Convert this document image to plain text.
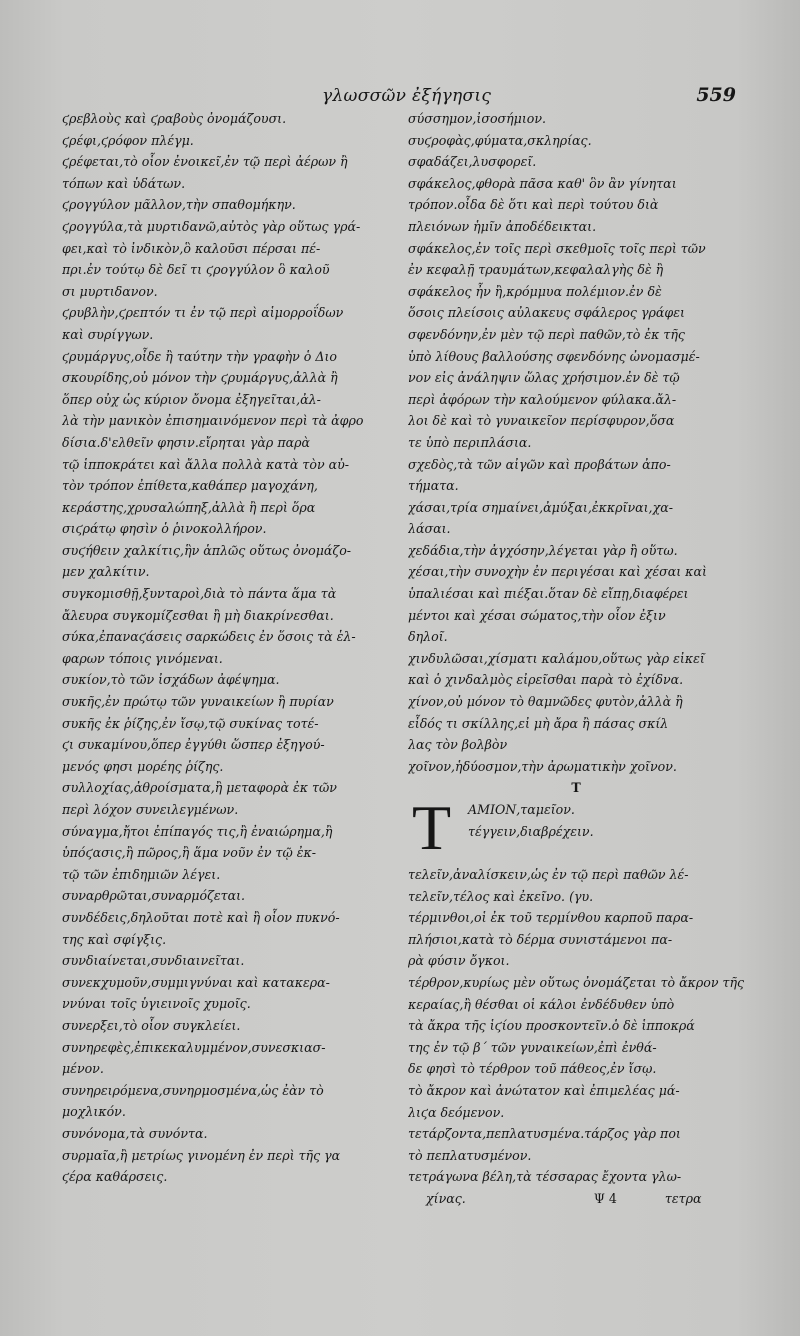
γλωσσῶν ἐξήγησις	559
ϛρεβλοὺς καὶ ϛραβοὺς ὀνομάζουσι.
ϛρέφι,ϛρόφον πλέγμ.
ϛρέφεται,τὸ οἷον ἐνοικεῖ,ἐν τῷ περὶ ἀέρων ἢ
τόπων καὶ ὑδάτων.
ϛρογγύλον μᾶλλον,τὴν σπαθομήκην.
ϛρογγύλα,τὰ μυρτιδανῶ,αὐτὸς γὰρ οὕτως γρά-
φει,καὶ τὸ ἰνδικὸν,ὃ καλοῦσι πέρσαι πέ-
πρι.ἐν τούτῳ δὲ δεῖ τι ϛρογγύλον ὃ καλοῦ
σι μυρτιδανον.
ϛρυβλὴν,ϛρεπτόν τι ἐν τῷ περὶ αἱμορροΐδων
καὶ συρίγγων.
ϛρυμάργυς,οἶδε ἢ ταύτην τὴν γραφὴν ὁ Διο
σκουρίδης,οὐ μόνον τὴν ϛρυμάργυς,ἀλλὰ ἢ
ὅπερ οὐχ ὡς κύριον ὄνομα ἐξηγεῖται,ἀλ-
λὰ τὴν μανικὸν ἐπισημαινόμενον περὶ τὰ ἀφρο
δίσια.δ'ελθεῖν φησιν.εἴρηται γὰρ παρὰ
τῷ ἱπποκράτει καὶ ἄλλα πολλὰ κατὰ τὸν αὐ-
τὸν τρόπον ἐπίθετα,καθάπερ μαγοχάνη,
κεράστης,χρυσαλώπηξ,ἀλλὰ ἢ περὶ ὅρα
σιϛράτῳ φησὶν ὁ ῥινοκολλήρον.
συϛήθειν χαλκίτις,ἣν ἁπλῶς οὕτως ὀνομάζο-
μεν χαλκίτιν.
συγκομισθῇ,ξυνταροὶ,διὰ τὸ πάντα ἅμα τὰ
ἄλευρα συγκομίζεσθαι ἢ μὴ διακρίνεσθαι.
σύκα,ἐπαναϛάσεις σαρκώδεις ἐν ὅσοις τὰ ἑλ-
φαρων τόποις γινόμεναι.
συκίον,τὸ τῶν ἰσχάδων ἀφέψημα.
συκῆς,ἐν πρώτῳ τῶν γυναικείων ἢ πυρίαν
συκῆς ἐκ ῥίζης,ἐν ἴσῳ,τῷ συκίνας τοτέ-
ϛι συκαμίνου,ὅπερ ἐγγύθι ὥσπερ ἐξηγού-
μενός φησι μορέης ῥίζης.
συλλοχίας,ἀθροίσματα,ἢ μεταφορὰ ἐκ τῶν
περὶ λόχον συνειλεγμένων.
σύναγμα,ἤτοι ἐπίπαγός τις,ἢ ἐναιώρημα,ἢ
ὑπόϛασις,ἢ πῶρος,ἢ ἅμα νοῦν ἐν τῷ ἐκ-
τῷ τῶν ἐπιδημιῶν λέγει.
συναρθρῶται,συναρμόζεται.
συνδέδεις,δηλοῦται ποτὲ καὶ ἢ οἷον πυκνό-
της καὶ σφίγξις.
συνδιαίνεται,συνδιαινεῖται.
συνεκχυμοῦν,συμμιγνύναι καὶ κατακερα-
ννύναι τοῖς ὑγιεινοῖς χυμοῖς.
συνερξει,τὸ οἷον συγκλείει.
συνηρεφὲς,ἐπικεκαλυμμένον,συνεσκιασ-
μένον.
συνηρειρόμενα,συνηρμοσμένα,ὡς ἐὰν τὸ
μοχλικόν.
συνόνομα,τὰ συνόντα.
συρμαῖα,ἢ μετρίως γινομένη ἐν περὶ τῆς γα
ϛέρα καθάρσεις.
σύσσημον,ἰσοσήμιον.
συϛροφὰς,φύματα,σκληρίας.
σφαδάζει,λυσφορεῖ.
σφάκελος,φθορὰ πᾶσα καθ' ὃν ἂν γίνηται
τρόπον.οἶδα δὲ ὅτι καὶ περὶ τούτου διὰ
πλειόνων ἡμῖν ἀποδέδεικται.
σφάκελος,ἐν τοῖς περὶ σκεθμοῖς τοῖς περὶ τῶν
ἐν κεφαλῇ τραυμάτων,κεφαλαλγὴς δὲ ἢ
σφάκελος ἦν ἢ,κρόμμυα πολέμιον.ἐν δὲ
ὅσοις πλείσοις αὐλακευς σφάλερος γράφει
σφενδόνην,ἐν μὲν τῷ περὶ παθῶν,τὸ ἐκ τῆς
ὑπὸ λίθους βαλλούσης σφενδόνης ὠνομασμέ-
νον εἰς ἀνάληψιν ὥλας χρήσιμον.ἐν δὲ τῷ
περὶ ἀφόρων τὴν καλούμενον φύλακα.ἄλ-
λοι δὲ καὶ τὸ γυναικεῖον περίσφυρον,ὅσα
τε ὑπὸ περιπλάσια.
σχεδὸς,τὰ τῶν αἰγῶν καὶ προβάτων ἀπο-
τήματα.
χάσαι,τρία σημαίνει,ἀμύξαι,ἐκκρῖναι,χα-
λάσαι.
χεδάδια,τὴν ἀγχόσην,λέγεται γὰρ ἢ οὕτω.
χέσαι,τὴν συνοχὴν ἐν περιγέσαι καὶ χέσαι καὶ
ὑπαλιέσαι καὶ πιέξαι.ὅταν δὲ εἴπῃ,διαφέρει
μέντοι καὶ χέσαι σώματος,τὴν οἷον ἐξιν
δηλοῖ.
χινδυλῶσαι,χίσματι καλάμου,οὕτως γὰρ εἰκεῖ
καὶ ὁ χινδαλμὸς εἰρεῖσθαι παρὰ τὸ ἐχίδνα.
χίνον,οὐ μόνον τὸ θαμνῶδες φυτὸν,ἀλλὰ ἢ
εἶδός τι σκίλλης,εἰ μὴ ἄρα ἢ πάσας σκίλ
λας τὸν βολβὸν
χοῖνον,ἡδύοσμον,τὴν ἀρωματικὴν χοῖνον.
T
T ΑΜΙΟΝ,ταμεῖον.
τέγγειν,διαβρέχειν.
τελεῖν,ἀναλίσκειν,ὡς ἐν τῷ περὶ παθῶν λέ-
τελεῖν,τέλος καὶ ἐκεῖνο. (γυ.
τέρμινθοι,οἱ ἐκ τοῦ τερμίνθου καρποῦ παρα-
πλήσιοι,κατὰ τὸ δέρμα συνιστάμενοι πα-
ρὰ φύσιν ὄγκοι.
τέρθρον,κυρίως μὲν οὕτως ὀνομάζεται τὸ ἄκρον τῆς
κεραίας,ἢ θέσθαι οἱ κάλοι ἐνδέδυθεν ὑπὸ
τὰ ἄκρα τῆς ἱϛίου προσκοντεῖν.ὁ δὲ ἱπποκρά
της ἐν τῷ β΄ τῶν γυναικείων,ἐπὶ ἐνθά-
δε φησὶ τὸ τέρθρον τοῦ πάθεος,ἐν ἴσῳ.
τὸ ἄκρον καὶ ἀνώτατον καὶ ἐπιμελέας μά-
λιϛα δεόμενον.
τετάρζοντα,πεπλατυσμένα.τάρζος γὰρ ποι
τὸ πεπλατυσμένον.
τετράγωνα βέλη,τὰ τέσσαρας ἔχοντα γλω-
χίνας.	Ψ 4	τετρα
